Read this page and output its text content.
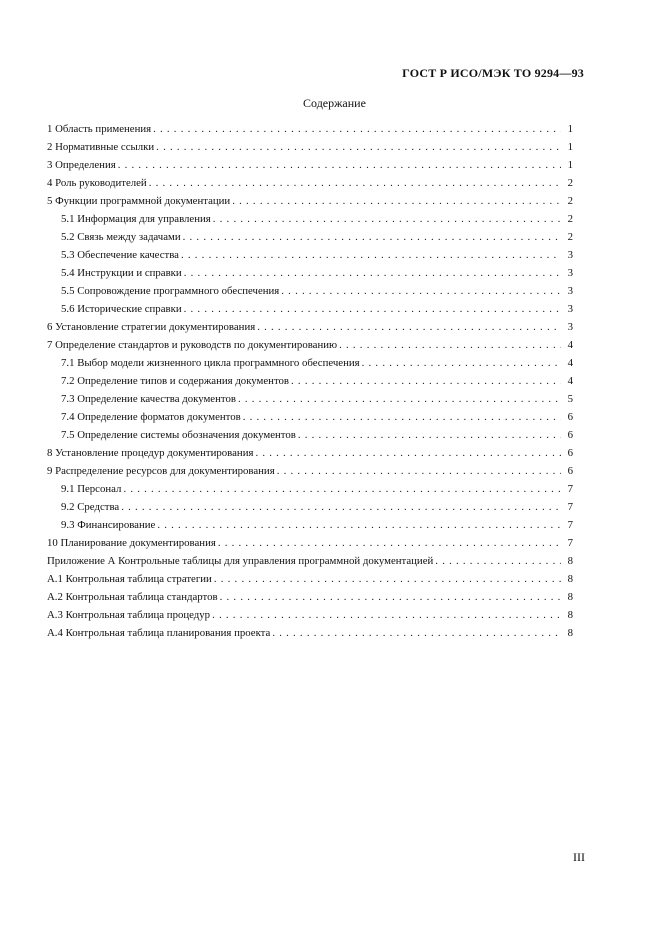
ГОСТ Р ИСО/МЭК ТО 9294—93
Содержание
1 Область применения . . .	1
2 Нормативные ссылки . . .	1
3 Определения . . .	1
4 Роль руководителей . . .	2
5 Функции программной документации . . .	2
5.1 Информация для управления . . .	2
5.2 Связь между задачами . . .	2
5.3 Обеспечение качества . . .	3
5.4 Инструкции и справки . . .	3
5.5 Сопровождение программного обеспечения . . .	3
5.6 Исторические справки . . .	3
6 Установление стратегии документирования . . .	3
7 Определение стандартов и руководств по документированию . . .	4
7.1 Выбор модели жизненного цикла программного обеспечения . . .	4
7.2 Определение типов и содержания документов . . .	4
7.3 Определение качества документов . . .	5
7.4 Определение форматов документов . . .	6
7.5 Определение системы обозначения документов . . .	6
8 Установление процедур документирования . . .	6
9 Распределение ресурсов для документирования . . .	6
9.1 Персонал . . .	7
9.2 Средства . . .	7
9.3 Финансирование . . .	7
10 Планирование документирования . . .	7
Приложение А Контрольные таблицы для управления программной документацией . . .	8
А.1 Контрольная таблица стратегии . . .	8
А.2 Контрольная таблица стандартов . . .	8
А.3 Контрольная таблица процедур . . .	8
А.4 Контрольная таблица планирования проекта . . .	8
III
